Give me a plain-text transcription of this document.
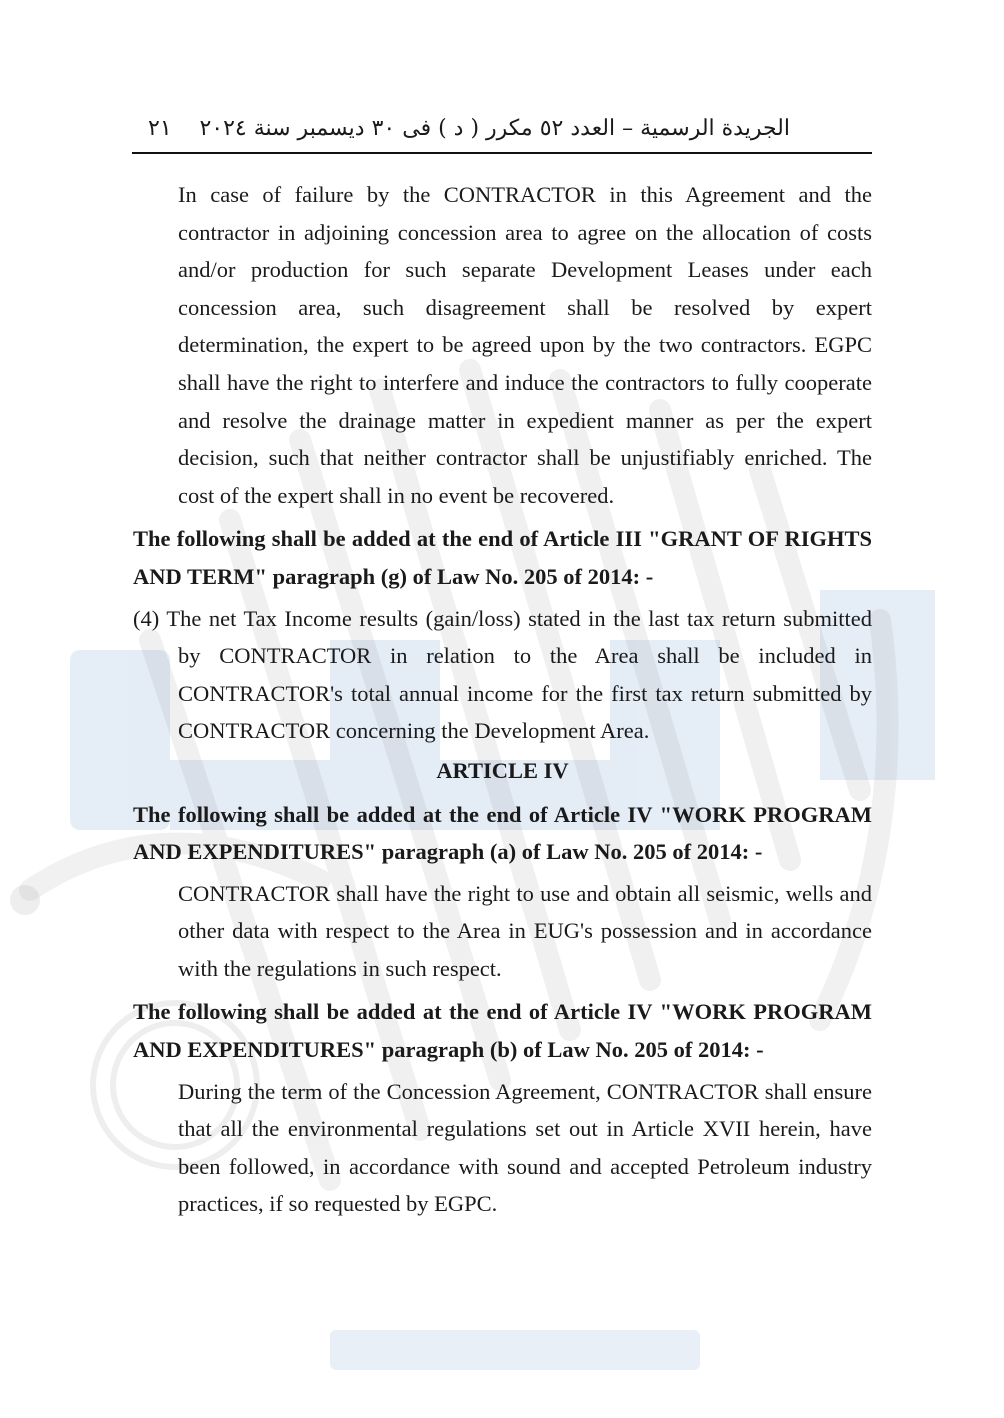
الجريدة الرسمية – العدد ٥٢ مكرر ( د ) فى ٣٠ ديسمبر سنة ٢٠٢٤
٢١

In case of failure by the CONTRACTOR in this Agreement and the contractor in adjoining concession area to agree on the allocation of costs and/or production for such separate Development Leases under each concession area, such disagreement shall be resolved by expert determination, the expert to be agreed upon by the two contractors. EGPC shall have the right to interfere and induce the contractors to fully cooperate and resolve the drainage matter in expedient manner as per the expert decision, such that neither contractor shall be unjustifiably enriched. The cost of the expert shall in no event be recovered.

The following shall be added at the end of Article III "GRANT OF RIGHTS AND TERM" paragraph (g) of Law No. 205 of 2014: -

(4) The net Tax Income results (gain/loss) stated in the last tax return submitted by CONTRACTOR in relation to the Area shall be included in CONTRACTOR's total annual income for the first tax return submitted by CONTRACTOR concerning the Development Area.

ARTICLE IV

The following shall be added at the end of Article IV "WORK PROGRAM AND EXPENDITURES" paragraph (a) of Law No. 205 of 2014: -

CONTRACTOR shall have the right to use and obtain all seismic, wells and other data with respect to the Area in EUG's possession and in accordance with the regulations in such respect.

The following shall be added at the end of Article IV "WORK PROGRAM AND EXPENDITURES" paragraph (b) of Law No. 205 of 2014: -

During the term of the Concession Agreement, CONTRACTOR shall ensure that all the environmental regulations set out in Article XVII herein, have been followed, in accordance with sound and accepted Petroleum industry practices, if so requested by EGPC.
